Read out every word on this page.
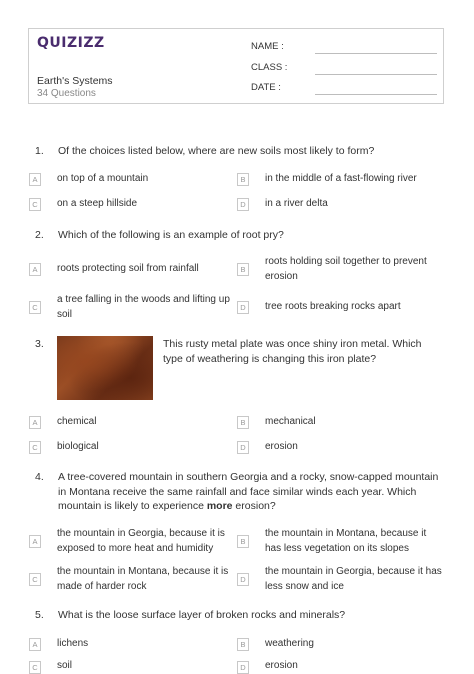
QUIZIZZ
Earth's Systems
34 Questions
NAME :
CLASS :
DATE :
1. Of the choices listed below, where are new soils most likely to form?
A	on top of a mountain	B	in the middle of a fast-flowing river
C	on a steep hillside	D	in a river delta
2. Which of the following is an example of root pry?
A	roots protecting soil from rainfall	B
roots holding soil together to prevent erosion
C
a tree falling in the woods and lifting up soil
D	tree roots breaking rocks apart
3.	This rusty metal plate was once shiny iron metal. Which type of weathering is changing this iron plate?
A	chemical	B	mechanical
C	biological	D	erosion
4. A tree-covered mountain in southern Georgia and a rocky, snow-capped mountain in Montana receive the same rainfall and face similar winds each year. Which mountain is likely to experience more erosion?
A
the mountain in Georgia, because it is exposed to more heat and humidity
B
the mountain in Montana, because it has less vegetation on its slopes
C
the mountain in Montana, because it is made of harder rock
D
the mountain in Georgia, because it has less snow and ice
5. What is the loose surface layer of broken rocks and minerals?
A	lichens	B	weathering
C	soil	D	erosion
